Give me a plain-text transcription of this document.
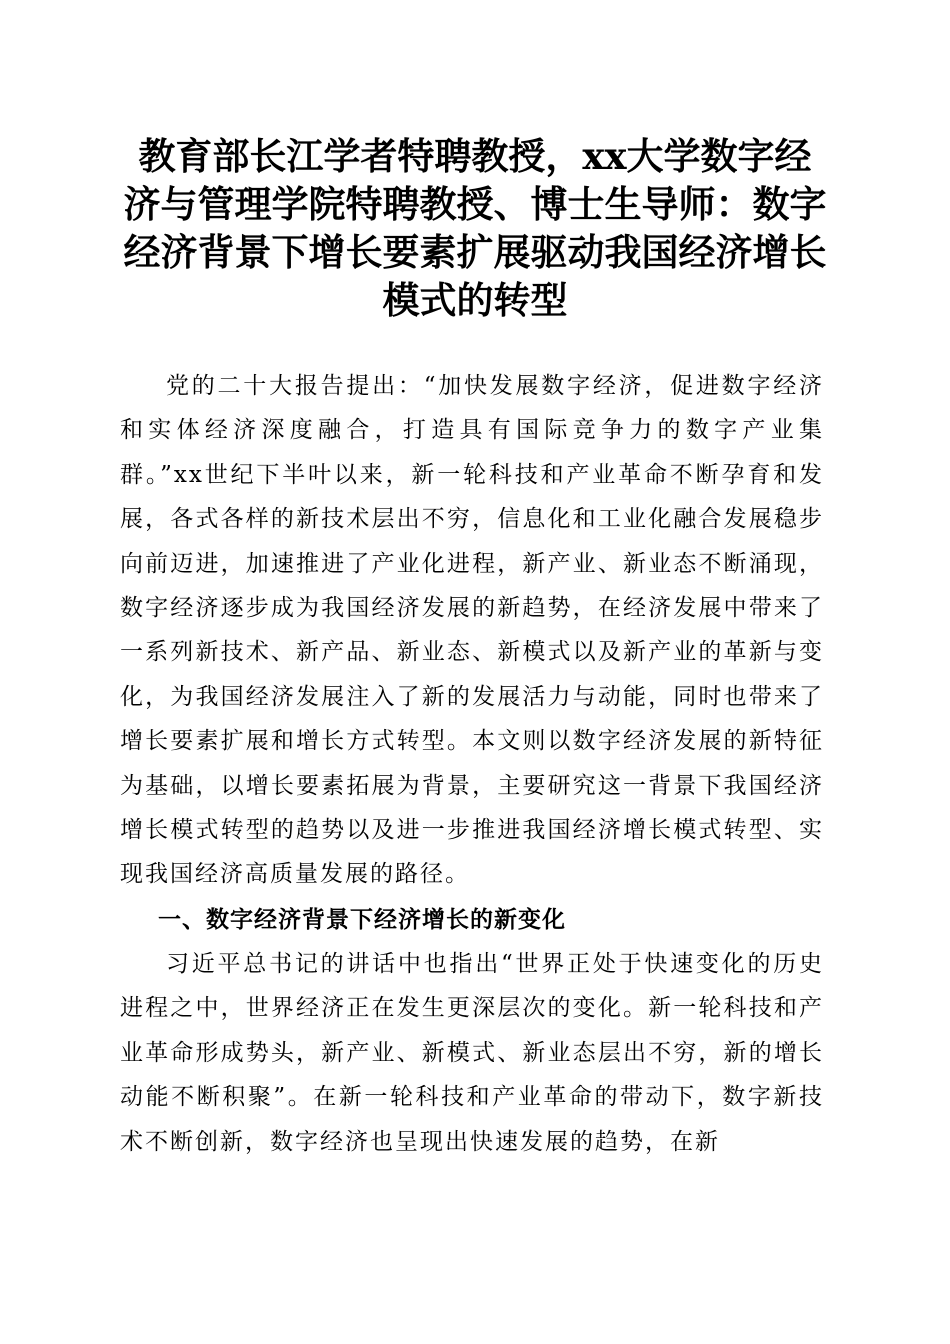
教育部长江学者特聘教授，xx大学数字经济与管理学院特聘教授、博士生导师：数字经济背景下增长要素扩展驱动我国经济增长模式的转型

党的二十大报告提出：“加快发展数字经济，促进数字经济和实体经济深度融合，打造具有国际竞争力的数字产业集群。”xx世纪下半叶以来，新一轮科技和产业革命不断孕育和发展，各式各样的新技术层出不穷，信息化和工业化融合发展稳步向前迈进，加速推进了产业化进程，新产业、新业态不断涌现，数字经济逐步成为我国经济发展的新趋势，在经济发展中带来了一系列新技术、新产品、新业态、新模式以及新产业的革新与变化，为我国经济发展注入了新的发展活力与动能，同时也带来了增长要素扩展和增长方式转型。本文则以数字经济发展的新特征为基础，以增长要素拓展为背景，主要研究这一背景下我国经济增长模式转型的趋势以及进一步推进我国经济增长模式转型、实现我国经济高质量发展的路径。

一、数字经济背景下经济增长的新变化

习近平总书记的讲话中也指出“世界正处于快速变化的历史进程之中，世界经济正在发生更深层次的变化。新一轮科技和产业革命形成势头，新产业、新模式、新业态层出不穷，新的增长动能不断积聚”。在新一轮科技和产业革命的带动下，数字新技术不断创新，数字经济也呈现出快速发展的趋势，在新
